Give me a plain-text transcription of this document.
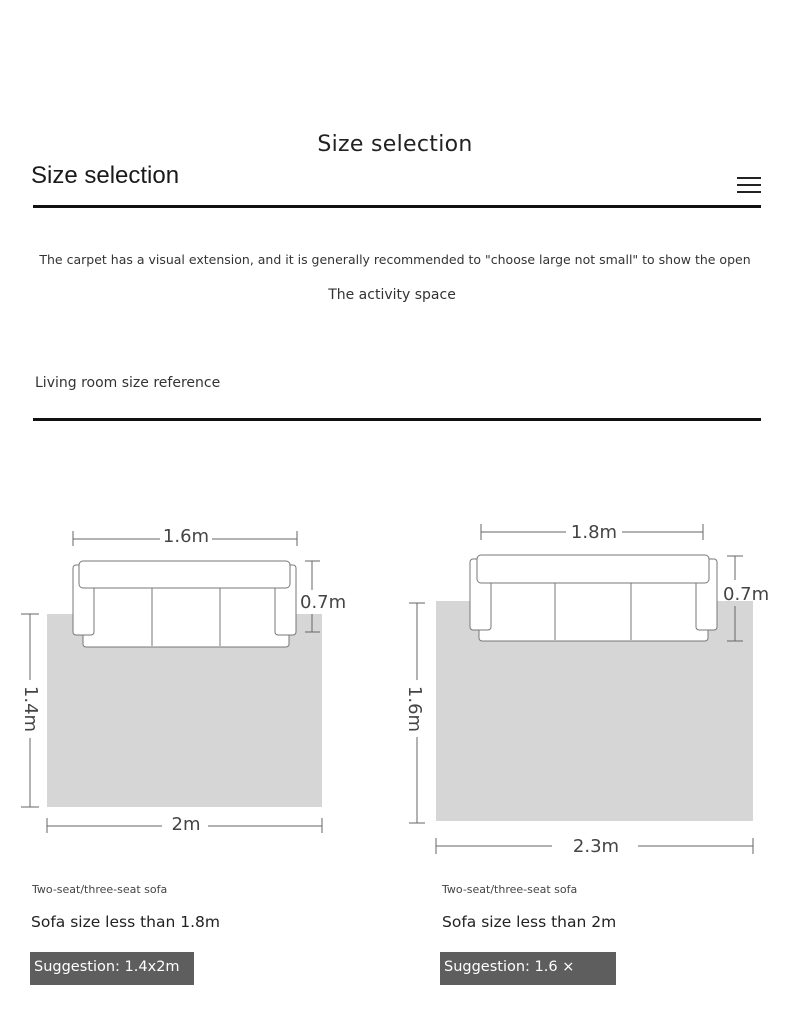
Size selection
Size selection
The carpet has a visual extension, and it is generally recommended to "choose large not small" to show the open
The activity space
Living room size reference
1.6m
0.7m
1.4m
2m
1.8m
0.7m
1.6m
2.3m
Two-seat/three-seat sofa
Sofa size less than 1.8m
Suggestion: 1.4x2m
Two-seat/three-seat sofa
Sofa size less than 2m
Suggestion: 1.6 × 2.3m
